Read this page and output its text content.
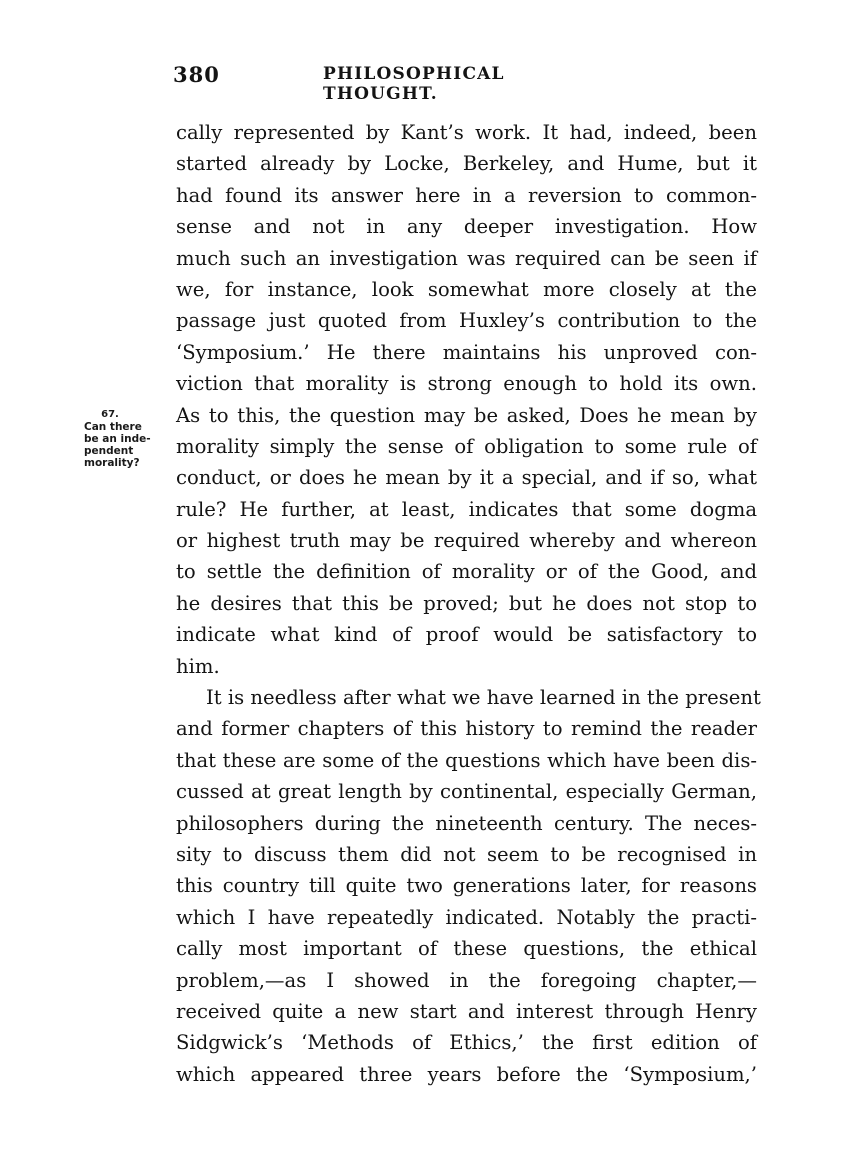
380	PHILOSOPHICAL THOUGHT.
67.
Can there
be an inde-
pendent
morality?
cally represented by Kant’s work. It had, indeed, been
started already by Locke, Berkeley, and Hume, but it
had found its answer here in a reversion to common-
sense and not in any deeper investigation. How
much such an investigation was required can be seen if
we, for instance, look somewhat more closely at the
passage just quoted from Huxley’s contribution to the
‘Symposium.’ He there maintains his unproved con-
viction that morality is strong enough to hold its own.
As to this, the question may be asked, Does he mean by
morality simply the sense of obligation to some rule of
conduct, or does he mean by it a special, and if so, what
rule? He further, at least, indicates that some dogma
or highest truth may be required whereby and whereon
to settle the definition of morality or of the Good, and
he desires that this be proved; but he does not stop to
indicate what kind of proof would be satisfactory to
him.
It is needless after what we have learned in the present
and former chapters of this history to remind the reader
that these are some of the questions which have been dis-
cussed at great length by continental, especially German,
philosophers during the nineteenth century. The neces-
sity to discuss them did not seem to be recognised in
this country till quite two generations later, for reasons
which I have repeatedly indicated. Notably the practi-
cally most important of these questions, the ethical
problem,—as I showed in the foregoing chapter,—
received quite a new start and interest through Henry
Sidgwick’s ‘Methods of Ethics,’ the first edition of
which appeared three years before the ‘Symposium,’
